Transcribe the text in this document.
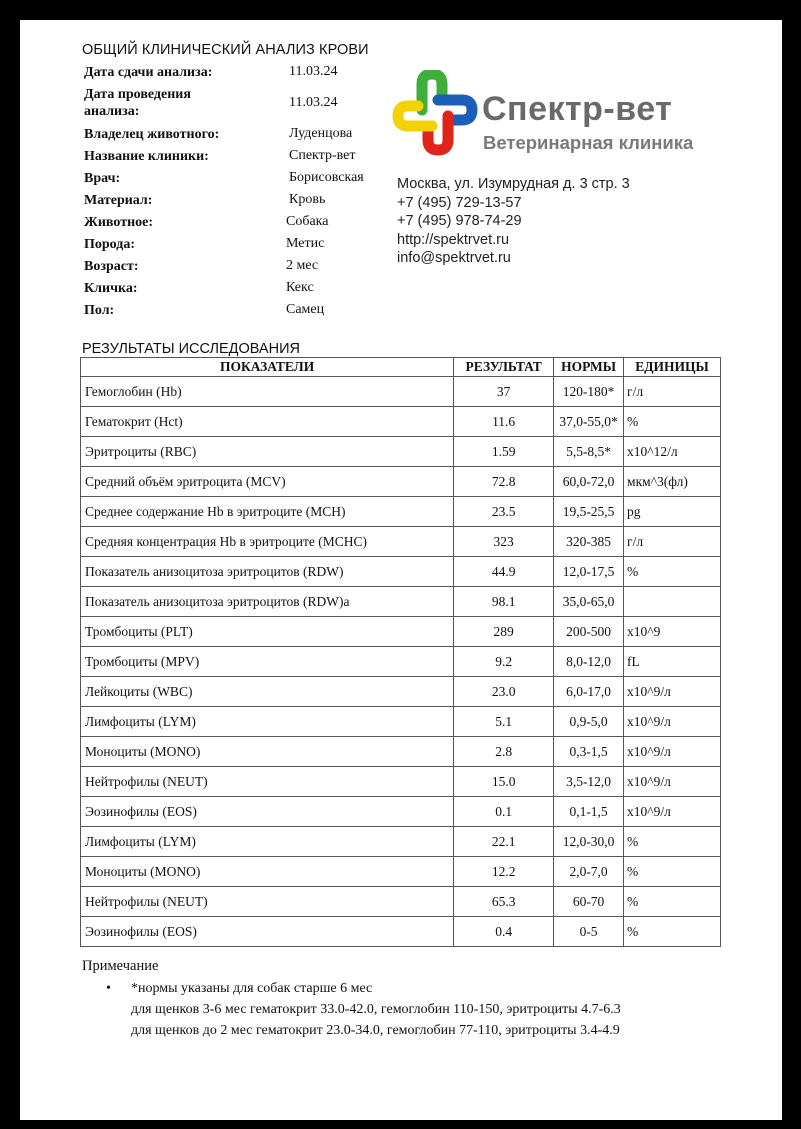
ОБЩИЙ КЛИНИЧЕСКИЙ АНАЛИЗ КРОВИ
Дата сдачи анализа:	11.03.24
Дата проведения анализа:
11.03.24
Владелец животного:	Луденцова
Название клиники:	Спектр-вет
Врач:	Борисовская
Материал:	Кровь
Животное:	Собака
Порода:	Метис
Возраст:	2 мес
Кличка:	Кекс
Пол:	Самец
Спектр-вет
Ветеринарная клиника
Москва, ул. Изумрудная д. 3 стр. 3
+7 (495) 729-13-57
+7 (495) 978-74-29
http://spektrvet.ru
info@spektrvet.ru
РЕЗУЛЬТАТЫ ИССЛЕДОВАНИЯ
ПОКАЗАТЕЛИ	РЕЗУЛЬТАТ	НОРМЫ	ЕДИНИЦЫ
Гемоглобин (Hb)	37	120-180*	г/л
Гематокрит (Hct)	11.6	37,0-55,0*	%
Эритроциты (RBC)	1.59	5,5-8,5*	x10^12/л
Средний объём эритроцита (MCV)	72.8	60,0-72,0	мкм^3(фл)
Среднее содержание Нb в эритроците (MCH)	23.5	19,5-25,5	pg
Средняя концентрация Нb в эритроците (MCHC)	323	320-385	г/л
Показатель анизоцитоза эритроцитов (RDW)	44.9	12,0-17,5	%
Показатель анизоцитоза эритроцитов (RDW)a	98.1	35,0-65,0	
Тромбоциты (PLT)	289	200-500	x10^9
Тромбоциты (MPV)	9.2	8,0-12,0	fL
Лейкоциты (WBC)	23.0	6,0-17,0	x10^9/л
Лимфоциты (LYM)	5.1	0,9-5,0	x10^9/л
Моноциты (MONO)	2.8	0,3-1,5	x10^9/л
Нейтрофилы (NEUT)	15.0	3,5-12,0	x10^9/л
Эозинофилы (EOS)	0.1	0,1-1,5	x10^9/л
Лимфоциты (LYM)	22.1	12,0-30,0	%
Моноциты (MONO)	12.2	2,0-7,0	%
Нейтрофилы (NEUT)	65.3	60-70	%
Эозинофилы (EOS)	0.4	0-5	%
Примечание
• *нормы указаны для собак старше 6 мес
для щенков 3-6 мес гематокрит 33.0-42.0, гемоглобин 110-150, эритроциты 4.7-6.3
для щенков до 2 мес гематокрит 23.0-34.0, гемоглобин 77-110, эритроциты 3.4-4.9
